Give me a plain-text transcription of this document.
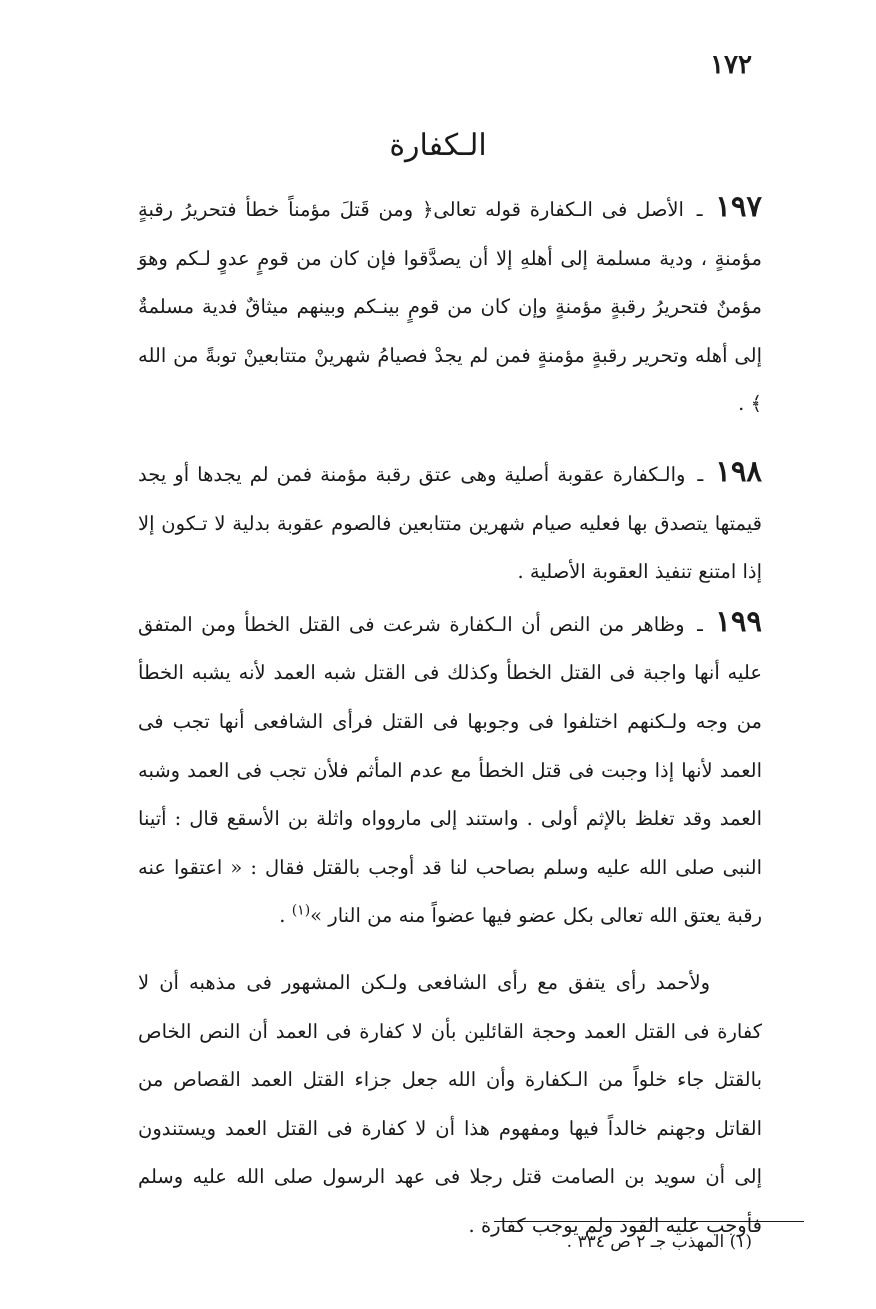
١٧٢
الـكفارة

١٩٧ ـ الأصل فى الـكفارة قوله تعالى﴿ ومن قَتلَ مؤمناً خطأ فتحريرُ رقبةٍ مؤمنةٍ ، ودية مسلمة إلى أهلهِ إلا أن يصدَّقوا فإن كان من قومٍ عدوٍ لـكم وهوَ مؤمنٌ فتحريرُ رقبةٍ مؤمنةٍ وإن كان من قومٍ بينـكم وبينهم ميثاقٌ فدية مسلمةٌ إلى أهله وتحرير رقبةٍ مؤمنةٍ فمن لم يجدْ فصيامُ شهرينْ متتابعينْ توبةً من الله ﴾ .

١٩٨ ـ والـكفارة عقوبة أصلية وهى عتق رقبة مؤمنة فمن لم يجدها أو يجد قيمتها يتصدق بها فعليه صيام شهرين متتابعين فالصوم عقوبة بدلية لا تـكون إلا إذا امتنع تنفيذ العقوبة الأصلية .

١٩٩ ـ وظاهر من النص أن الـكفارة شرعت فى القتل الخطأ ومن المتفق عليه أنها واجبة فى القتل الخطأ وكذلك فى القتل شبه العمد لأنه يشبه الخطأ من وجه ولـكنهم اختلفوا فى وجوبها فى القتل فرأى الشافعى أنها تجب فى العمد لأنها إذا وجبت فى قتل الخطأ مع عدم المأثم فلأن تجب فى العمد وشبه العمد وقد تغلظ بالإثم أولى . واستند إلى ماروواه واثلة بن الأسقع قال : أتينا النبى صلى الله عليه وسلم بصاحب لنا قد أوجب بالقتل فقال : « اعتقوا عنه رقبة يعتق الله تعالى بكل عضو فيها عضواً منه من النار »$^{(١)}$ .

ولأحمد رأى يتفق مع رأى الشافعى ولـكن المشهور فى مذهبه أن لا كفارة فى القتل العمد وحجة القائلين بأن لا كفارة فى العمد أن النص الخاص بالقتل جاء خلواً من الـكفارة وأن الله جعل جزاء القتل العمد القصاص من القاتل وجهنم خالداً فيها ومفهوم هذا أن لا كفارة فى القتل العمد ويستندون إلى أن سويد بن الصامت قتل رجلا فى عهد الرسول صلى الله عليه وسلم فأوجب عليه القود ولم يوجب كفارة .

(١) المهذب جـ ٢ ص ٣٣٤ .
